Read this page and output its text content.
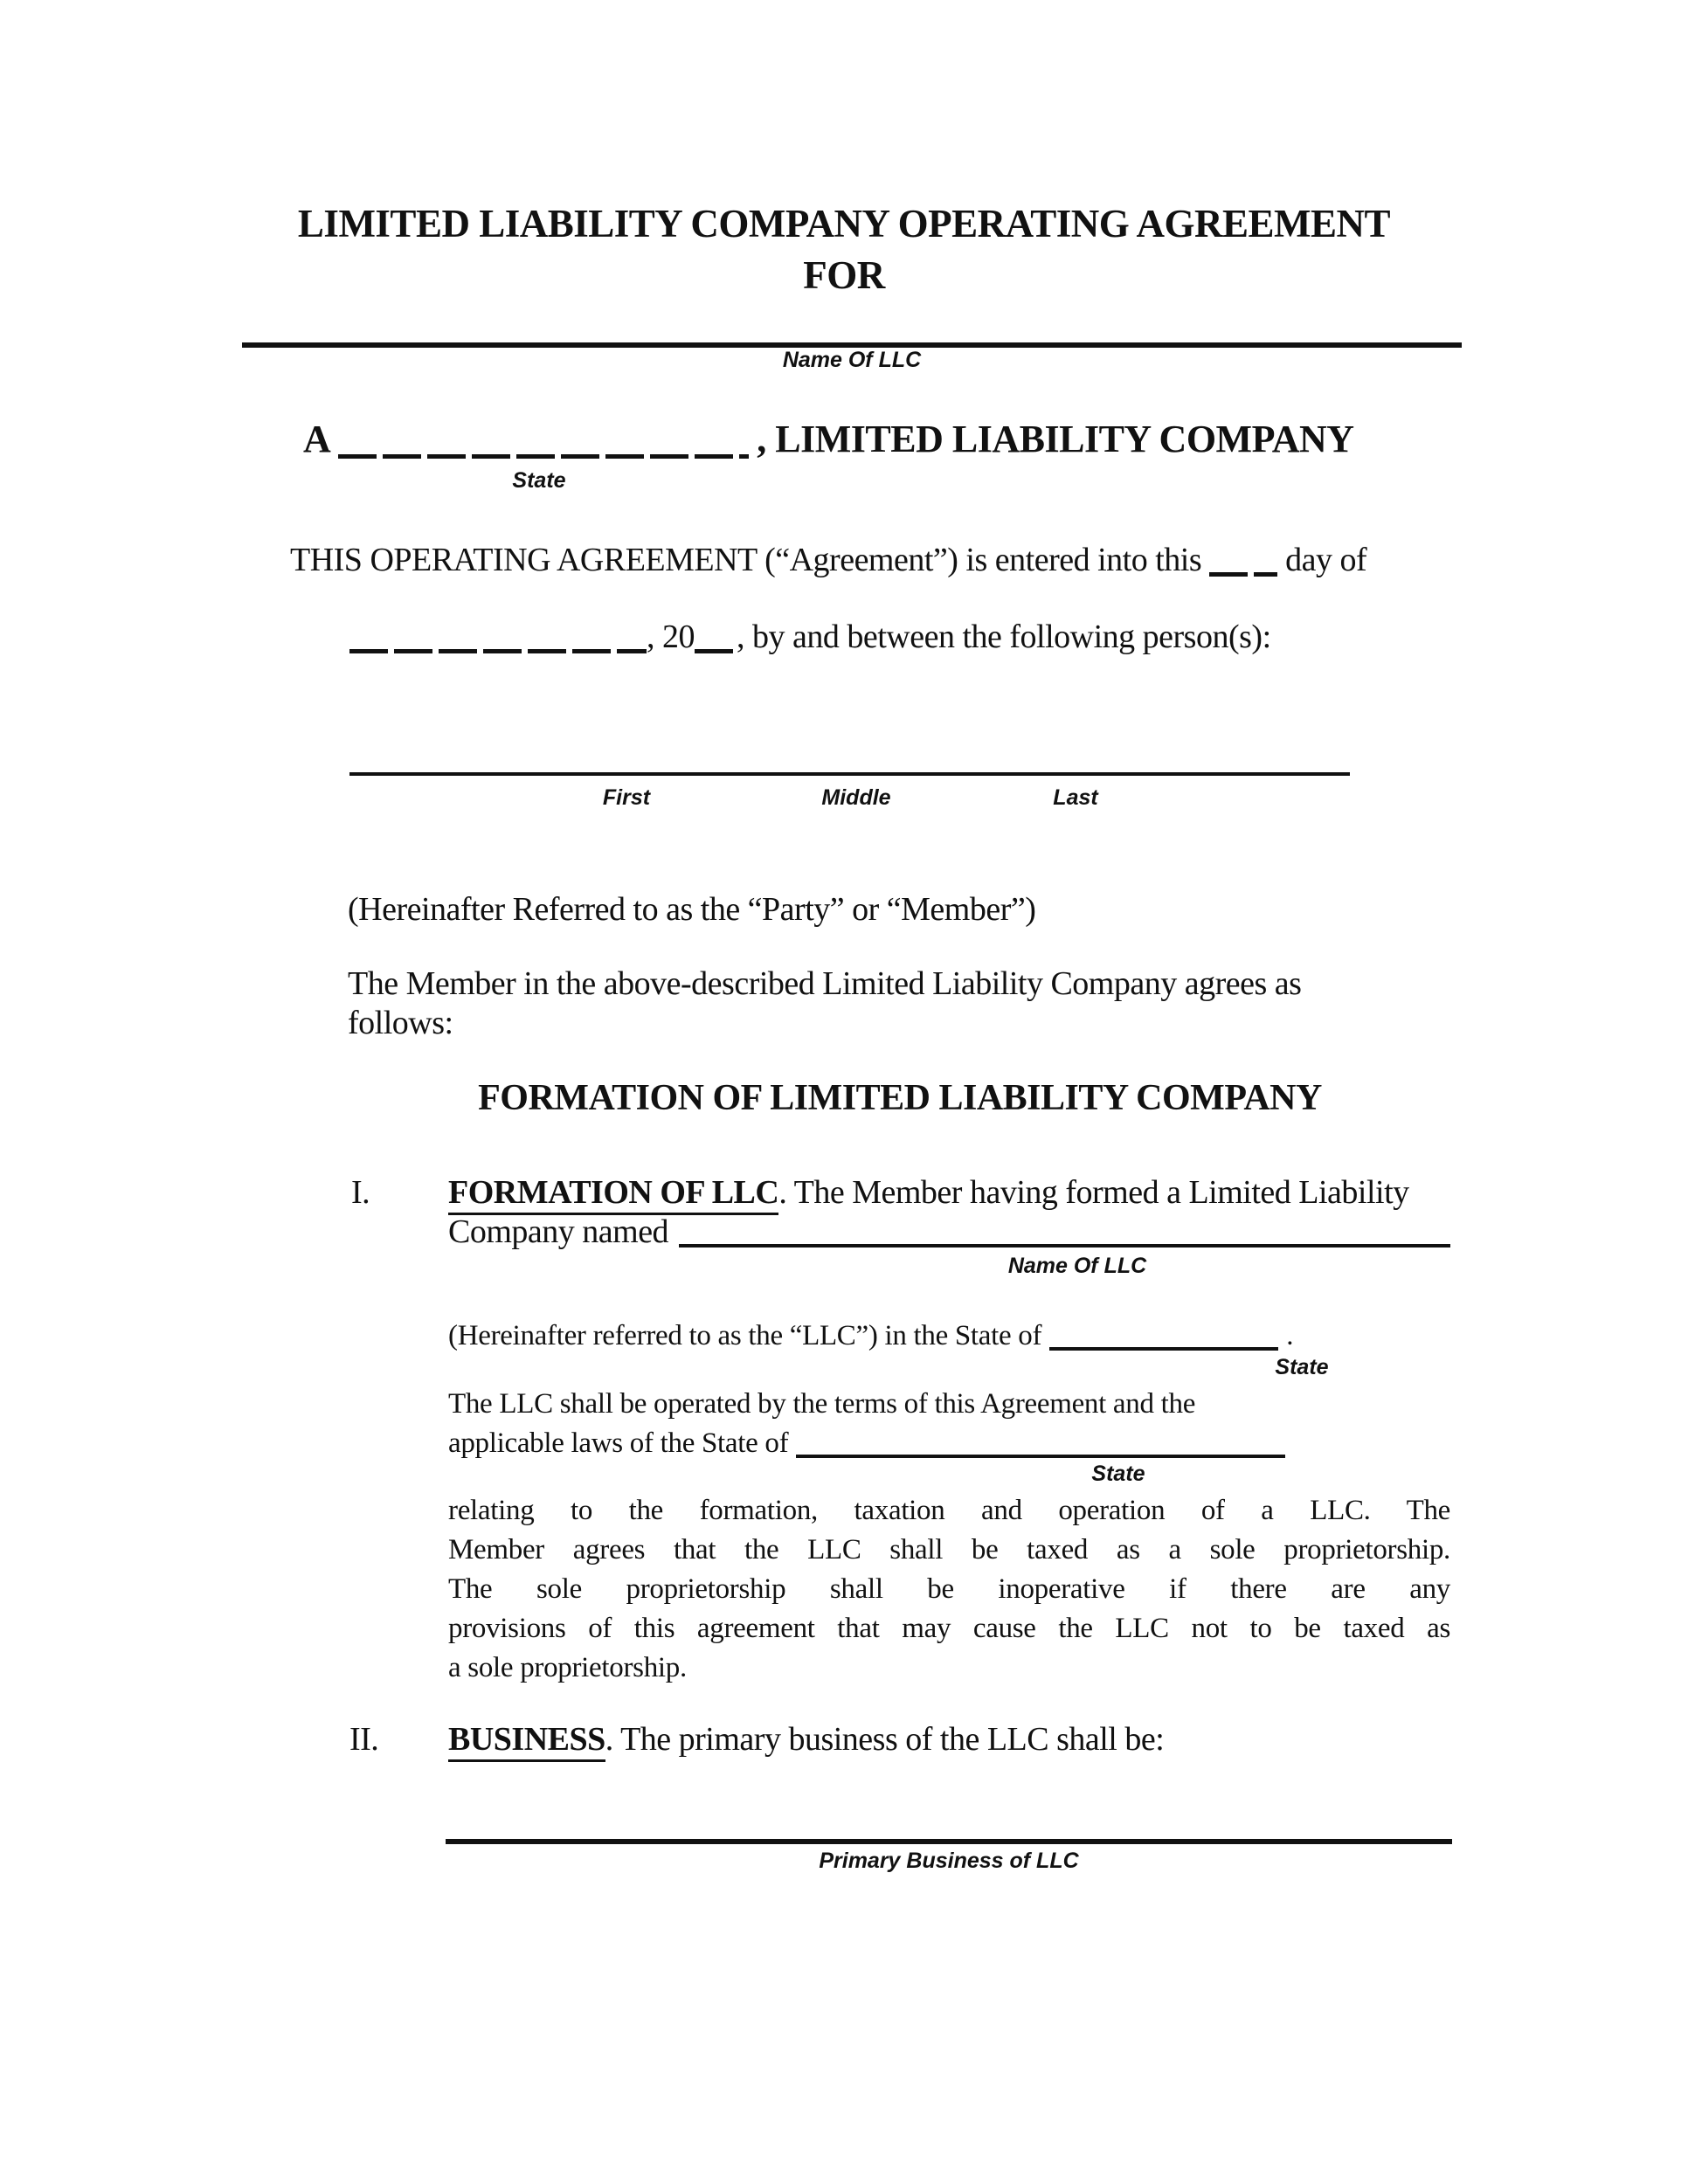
LIMITED LIABILITY COMPANY OPERATING AGREEMENT
FOR
Name Of LLC
A	, LIMITED LIABILITY COMPANY
State
THIS OPERATING AGREEMENT (“Agreement”) is entered into this	day of
, 20 , by and between the following person(s):
First	Middle	Last
(Hereinafter Referred to as the “Party” or “Member”)
The Member in the above-described Limited Liability Company agrees as
follows:
FORMATION OF LIMITED LIABILITY COMPANY
I. FORMATION OF LLC. The Member having formed a Limited Liability
Company named
Name Of LLC
(Hereinafter referred to as the “LLC”) in the State of	.
State
The LLC shall be operated by the terms of this Agreement and the
applicable laws of the State of
State
relating to the formation, taxation and operation of a LLC. The
Member agrees that the LLC shall be taxed as a sole proprietorship.
The sole proprietorship shall be inoperative if there are any
provisions of this agreement that may cause the LLC not to be taxed as
a sole proprietorship.
II. BUSINESS. The primary business of the LLC shall be:
Primary Business of LLC
